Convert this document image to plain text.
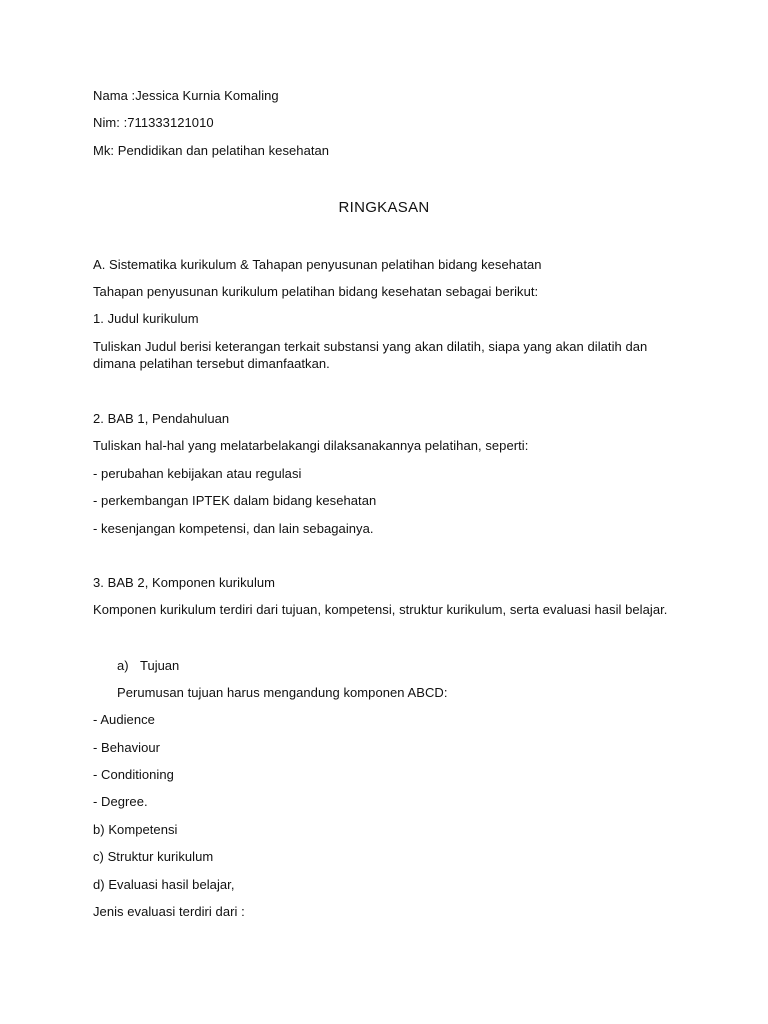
Nama :Jessica Kurnia Komaling
Nim: :711333121010
Mk: Pendidikan dan pelatihan kesehatan
RINGKASAN
A. Sistematika kurikulum & Tahapan penyusunan pelatihan bidang kesehatan
Tahapan penyusunan kurikulum pelatihan bidang kesehatan sebagai berikut:
1. Judul kurikulum
Tuliskan Judul berisi keterangan terkait substansi yang akan dilatih, siapa yang akan dilatih dan
dimana pelatihan tersebut dimanfaatkan.
2. BAB 1, Pendahuluan
Tuliskan hal-hal yang melatarbelakangi dilaksanakannya pelatihan, seperti:
- perubahan kebijakan atau regulasi
- perkembangan IPTEK dalam bidang kesehatan
- kesenjangan kompetensi, dan lain sebagainya.
3. BAB 2, Komponen kurikulum
Komponen kurikulum terdiri dari tujuan, kompetensi, struktur kurikulum, serta evaluasi hasil belajar.
a) Tujuan
Perumusan tujuan harus mengandung komponen ABCD:
- Audience
- Behaviour
- Conditioning
- Degree.
b) Kompetensi
c) Struktur kurikulum
d) Evaluasi hasil belajar,
Jenis evaluasi terdiri dari :
